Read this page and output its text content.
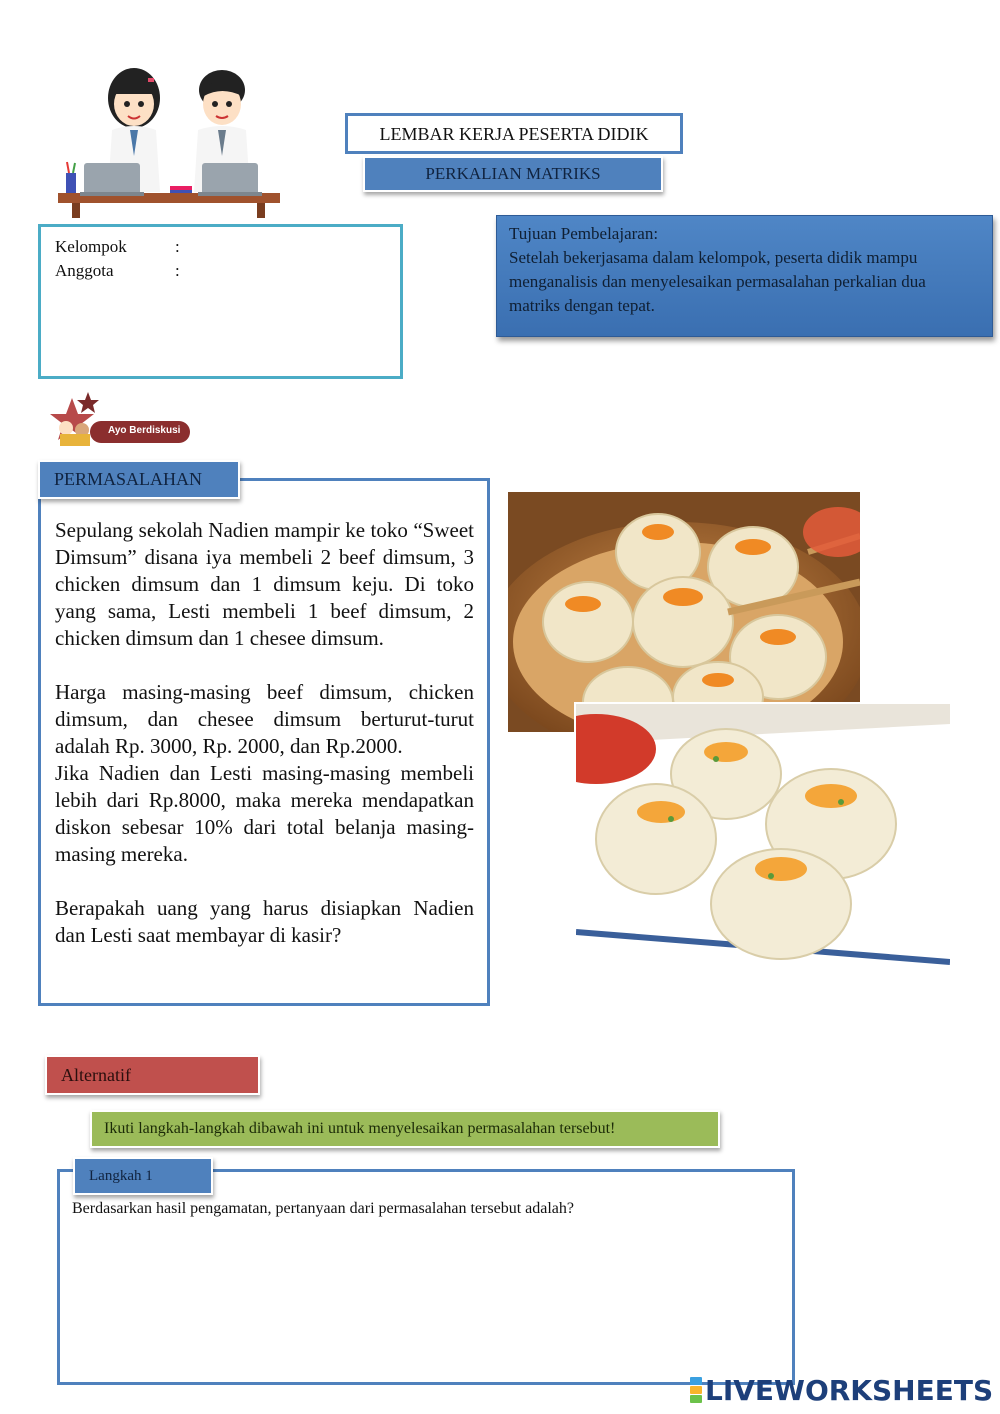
LEMBAR KERJA PESERTA DIDIK
PERKALIAN MATRIKS
Kelompok	:
Anggota	:
Tujuan Pembelajaran:
Setelah bekerjasama dalam kelompok, peserta didik mampu menganalisis dan menyelesaikan permasalahan perkalian dua matriks dengan tepat.
Ayo Berdiskusi

Sepulang sekolah Nadien mampir ke toko “Sweet Dimsum” disana iya membeli 2 beef dimsum, 3 chicken dimsum dan 1 dimsum keju. Di toko yang sama, Lesti membeli 1 beef dimsum, 2 chicken dimsum dan 1 chesee dimsum.

Harga masing-masing beef dimsum, chicken dimsum, dan chesee dimsum berturut-turut adalah Rp. 3000, Rp. 2000, dan Rp.2000.

Jika Nadien dan Lesti masing-masing membeli lebih dari Rp.8000, maka mereka mendapatkan diskon sebesar 10% dari total belanja masing-masing mereka.

Berapakah uang yang harus disiapkan Nadien dan Lesti saat membayar di kasir?

PERMASALAHAN
Alternatif
Ikuti langkah-langkah dibawah ini untuk menyelesaikan permasalahan tersebut!
Langkah 1
Berdasarkan hasil pengamatan, pertanyaan dari permasalahan tersebut adalah?
LIVEWORKSHEETS
